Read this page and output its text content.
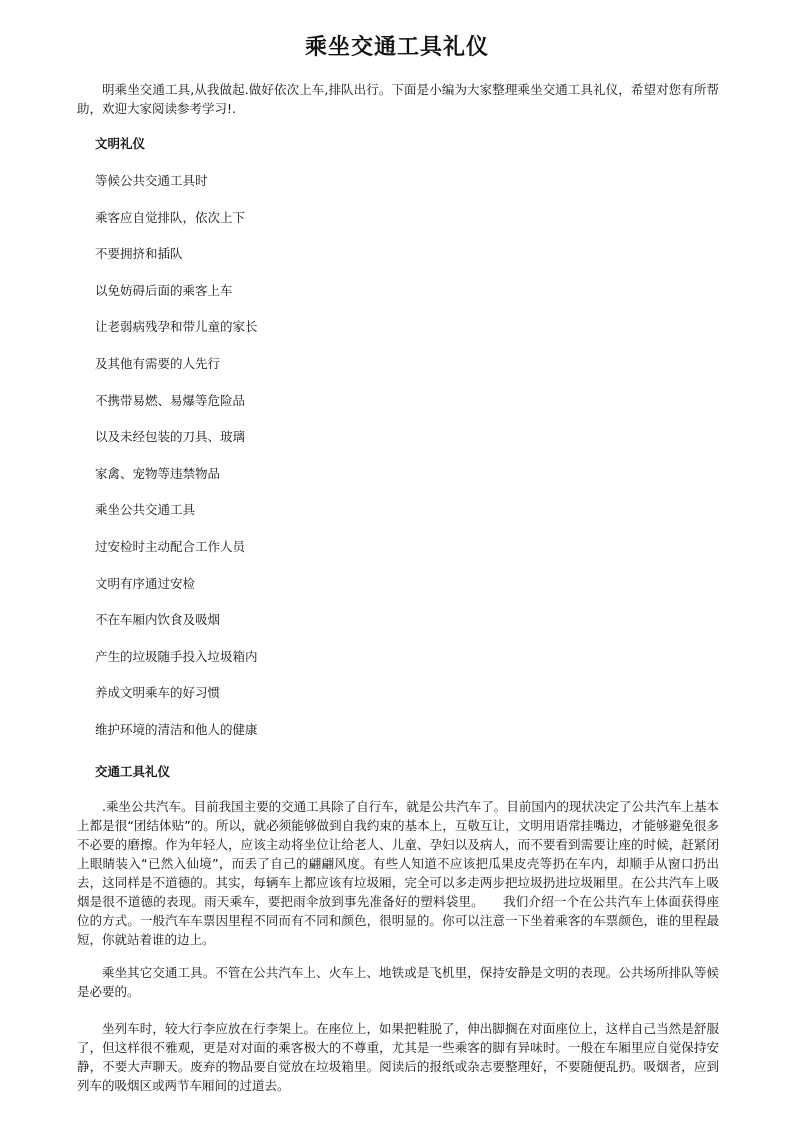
乘坐交通工具礼仪

明乘坐交通工具,从我做起.做好依次上车,排队出行。下面是小编为大家整理乘坐交通工具礼仪，希望对您有所帮助，欢迎大家阅读参考学习!.

文明礼仪
等候公共交通工具时
乘客应自觉排队，依次上下
不要拥挤和插队
以免妨碍后面的乘客上车
让老弱病残孕和带儿童的家长
及其他有需要的人先行
不携带易燃、易爆等危险品
以及未经包装的刀具、玻璃
家禽、宠物等违禁物品
乘坐公共交通工具
过安检时主动配合工作人员
文明有序通过安检
不在车厢内饮食及吸烟
产生的垃圾随手投入垃圾箱内
养成文明乘车的好习惯
维护环境的清洁和他人的健康
交通工具礼仪

.乘坐公共汽车。目前我国主要的交通工具除了自行车，就是公共汽车了。目前国内的现状决定了公共汽车上基本上都是很“团结体贴”的。所以，就必须能够做到自我约束的基本上，互敬互让，文明用语常挂嘴边，才能够避免很多不必要的磨擦。作为年轻人，应该主动将坐位让给老人、儿童、孕妇以及病人，而不要看到需要让座的时候，赶紧闭上眼睛装入“已然入仙境”，而丢了自己的翩翩风度。有些人知道不应该把瓜果皮壳等扔在车内，却顺手从窗口扔出去，这同样是不道德的。其实，每辆车上都应该有垃圾厢，完全可以多走两步把垃圾扔进垃圾厢里。在公共汽车上吸烟是很不道德的表现。雨天乘车，要把雨伞放到事先准备好的塑料袋里。　　我们介绍一个在公共汽车上体面获得座位的方式。一般汽车车票因里程不同而有不同和颜色，很明显的。你可以注意一下坐着乘客的车票颜色，谁的里程最短，你就站着谁的边上。

乘坐其它交通工具。不管在公共汽车上、火车上、地铁或是飞机里，保持安静是文明的表现。公共场所排队等候是必要的。

坐列车时，较大行李应放在行李架上。在座位上，如果把鞋脱了，伸出脚搁在对面座位上，这样自己当然是舒服了，但这样很不雅观，更是对对面的乘客极大的不尊重，尤其是一些乘客的脚有异味时。一般在车厢里应自觉保持安静，不要大声聊天。废弃的物品要自觉放在垃圾箱里。阅读后的报纸或杂志要整理好，不要随便乱扔。吸烟者，应到列车的吸烟区或两节车厢间的过道去。
